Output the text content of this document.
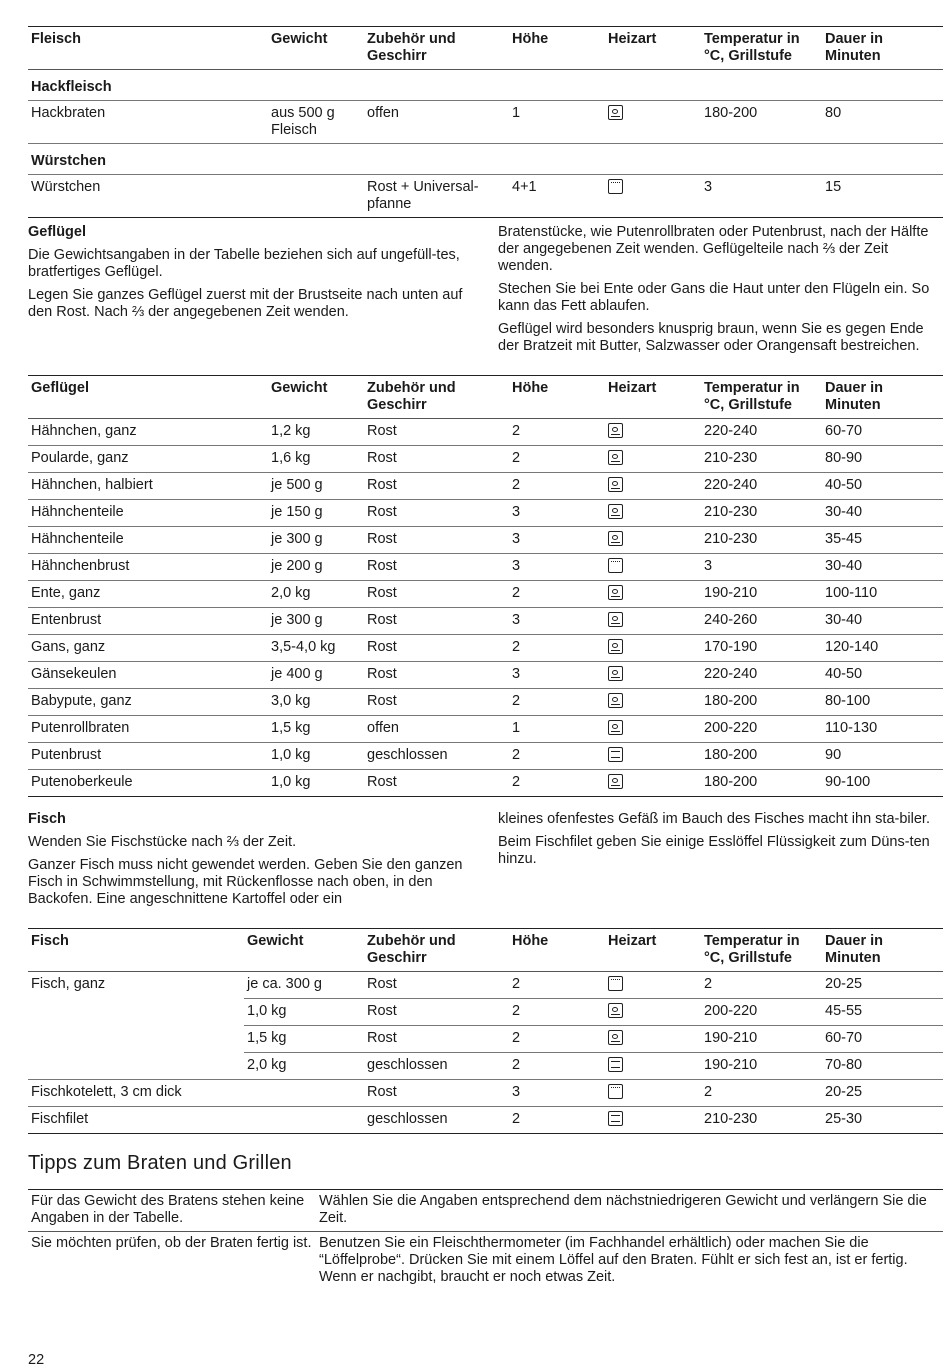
Fleisch	Gewicht	Zubehör und Geschirr	Höhe	Heizart	Temperatur in °C, Grillstufe	Dauer in Minuten
Hackfleisch						
Hackbraten	aus 500 g Fleisch	offen	1		180-200	80
Würstchen						
Würstchen		Rost + Universal-pfanne	4+1		3	15
Geflügel

Die Gewichtsangaben in der Tabelle beziehen sich auf ungefüll-tes, bratfertiges Geflügel.

Legen Sie ganzes Geflügel zuerst mit der Brustseite nach unten auf den Rost. Nach ⅔ der angegebenen Zeit wenden.

Bratenstücke, wie Putenrollbraten oder Putenbrust, nach der Hälfte der angegebenen Zeit wenden. Geflügelteile nach ⅔ der Zeit wenden.

Stechen Sie bei Ente oder Gans die Haut unter den Flügeln ein. So kann das Fett ablaufen.

Geflügel wird besonders knusprig braun, wenn Sie es gegen Ende der Bratzeit mit Butter, Salzwasser oder Orangensaft bestreichen.

Geflügel	Gewicht	Zubehör und Geschirr	Höhe	Heizart	Temperatur in °C, Grillstufe	Dauer in Minuten
Hähnchen, ganz	1,2 kg	Rost	2		220-240	60-70
Poularde, ganz	1,6 kg	Rost	2		210-230	80-90
Hähnchen, halbiert	je 500 g	Rost	2		220-240	40-50
Hähnchenteile	je 150 g	Rost	3		210-230	30-40
Hähnchenteile	je 300 g	Rost	3		210-230	35-45
Hähnchenbrust	je 200 g	Rost	3		3	30-40
Ente, ganz	2,0 kg	Rost	2		190-210	100-110
Entenbrust	je 300 g	Rost	3		240-260	30-40
Gans, ganz	3,5-4,0 kg	Rost	2		170-190	120-140
Gänsekeulen	je 400 g	Rost	3		220-240	40-50
Babypute, ganz	3,0 kg	Rost	2		180-200	80-100
Putenrollbraten	1,5 kg	offen	1		200-220	110-130
Putenbrust	1,0 kg	geschlossen	2		180-200	90
Putenoberkeule	1,0 kg	Rost	2		180-200	90-100
Fisch

Wenden Sie Fischstücke nach ⅔ der Zeit.

Ganzer Fisch muss nicht gewendet werden. Geben Sie den ganzen Fisch in Schwimmstellung, mit Rückenflosse nach oben, in den Backofen. Eine angeschnittene Kartoffel oder ein

kleines ofenfestes Gefäß im Bauch des Fisches macht ihn sta-biler.

Beim Fischfilet geben Sie einige Esslöffel Flüssigkeit zum Düns-ten hinzu.

Fisch	Gewicht	Zubehör und Geschirr	Höhe	Heizart	Temperatur in °C, Grillstufe	Dauer in Minuten
Fisch, ganz	je ca. 300 g	Rost	2		2	20-25
	1,0 kg	Rost	2		200-220	45-55
	1,5 kg	Rost	2		190-210	60-70
	2,0 kg	geschlossen	2		190-210	70-80
Fischkotelett, 3 cm dick		Rost	3		2	20-25
Fischfilet		geschlossen	2		210-230	25-30
Tipps zum Braten und Grillen
Für das Gewicht des Bratens stehen keine Angaben in der Tabelle.	Wählen Sie die Angaben entsprechend dem nächstniedrigeren Gewicht und verlängern Sie die Zeit.
Sie möchten prüfen, ob der Braten fertig ist.	Benutzen Sie ein Fleischthermometer (im Fachhandel erhältlich) oder machen Sie die “Löffelprobe“. Drücken Sie mit einem Löffel auf den Braten. Fühlt er sich fest an, ist er fertig. Wenn er nachgibt, braucht er noch etwas Zeit.
22
